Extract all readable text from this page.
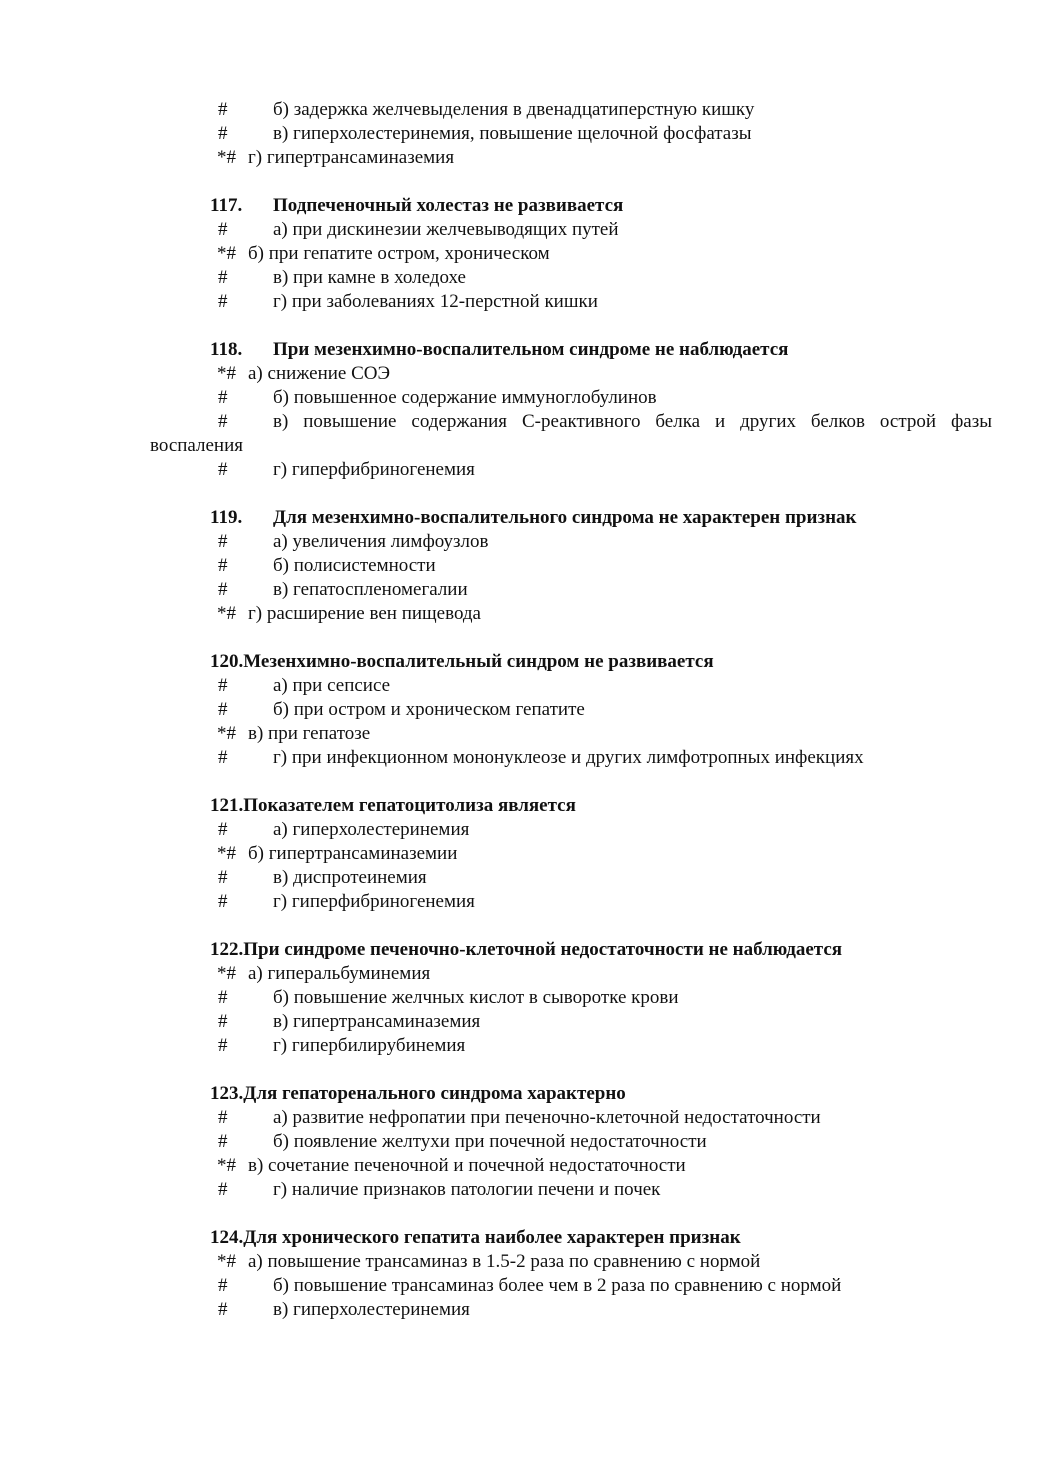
# б) задержка желчевыделения в двенадцатиперстную кишку
# в) гиперхолестеринемия, повышение щелочной фосфатазы
*# г) гипертрансаминаземия
117. Подпеченочный холестаз не развивается
# а) при дискинезии желчевыводящих путей
*# б) при гепатите остром, хроническом
# в) при камне в холедохе
# г) при заболеваниях 12-перстной кишки
118. При мезенхимно-воспалительном синдроме не наблюдается
*# а) снижение СОЭ
# б) повышенное содержание иммуноглобулинов
# в) повышение содержания С-реактивного белка и других белков острой фазы
воспаления
# г) гиперфибриногенемия
119. Для мезенхимно-воспалительного синдрома не характерен признак
# а) увеличения лимфоузлов
# б) полисистемности
# в) гепатоспленомегалии
*# г) расширение вен пищевода
120.Мезенхимно-воспалительный синдром не развивается
# а) при сепсисе
# б) при остром и хроническом гепатите
*# в) при гепатозе
# г) при инфекционном мононуклеозе и других лимфотропных инфекциях
121.Показателем гепатоцитолиза является
# а) гиперхолестеринемия
*# б) гипертрансаминаземии
# в) диспротеинемия
# г) гиперфибриногенемия
122.При синдроме печеночно-клеточной недостаточности не наблюдается
*# а) гиперальбуминемия
# б) повышение желчных кислот в сыворотке крови
# в) гипертрансаминаземия
# г) гипербилирубинемия
123.Для гепаторенального синдрома характерно
# а) развитие нефропатии при печеночно-клеточной недостаточности
# б) появление желтухи при почечной недостаточности
*# в) сочетание печеночной и почечной недостаточности
# г) наличие признаков патологии печени и почек
124.Для хронического гепатита наиболее характерен признак
*# а) повышение трансаминаз в 1.5-2 раза по сравнению с нормой
# б) повышение трансаминаз более чем в 2 раза по сравнению с нормой
# в) гиперхолестеринемия
